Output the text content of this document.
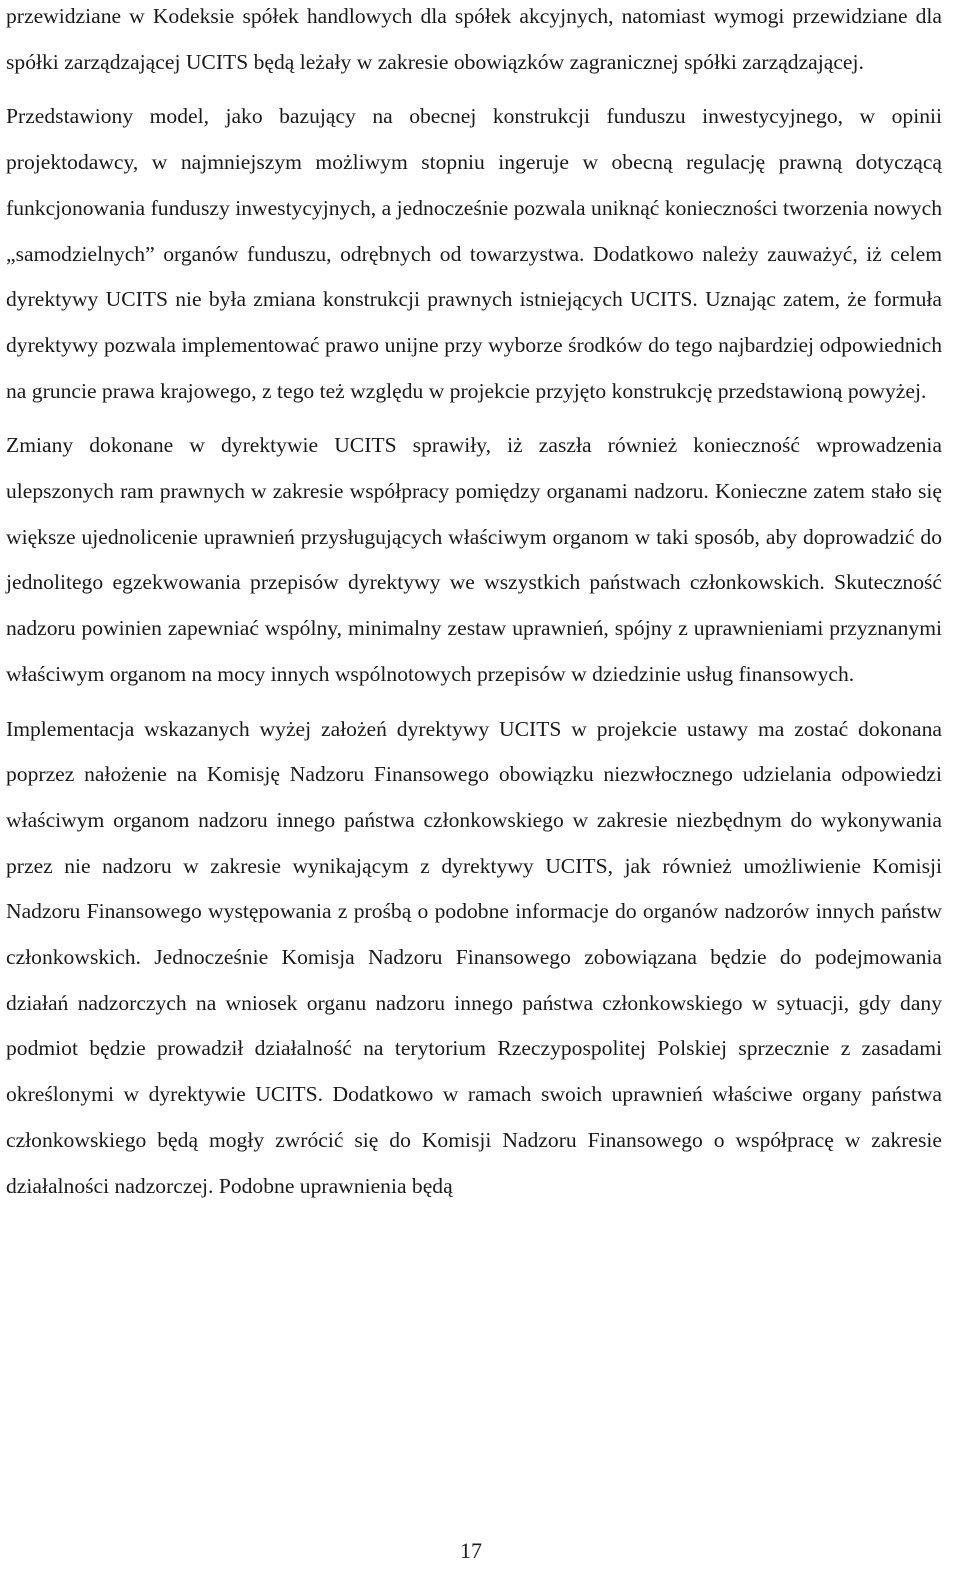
przewidziane w Kodeksie spółek handlowych dla spółek akcyjnych, natomiast wymogi przewidziane dla spółki zarządzającej UCITS będą leżały w zakresie obowiązków zagranicznej spółki zarządzającej.

Przedstawiony model, jako bazujący na obecnej konstrukcji funduszu inwestycyjnego, w opinii projektodawcy, w najmniejszym możliwym stopniu ingeruje w obecną regulację prawną dotyczącą funkcjonowania funduszy inwestycyjnych, a jednocześnie pozwala uniknąć konieczności tworzenia nowych „samodzielnych” organów funduszu, odrębnych od towarzystwa. Dodatkowo należy zauważyć, iż celem dyrektywy UCITS nie była zmiana konstrukcji prawnych istniejących UCITS. Uznając zatem, że formuła dyrektywy pozwala implementować prawo unijne przy wyborze środków do tego najbardziej odpowiednich na gruncie prawa krajowego, z tego też względu w projekcie przyjęto konstrukcję przedstawioną powyżej.

Zmiany dokonane w dyrektywie UCITS sprawiły, iż zaszła również konieczność wprowadzenia ulepszonych ram prawnych w zakresie współpracy pomiędzy organami nadzoru. Konieczne zatem stało się większe ujednolicenie uprawnień przysługujących właściwym organom w taki sposób, aby doprowadzić do jednolitego egzekwowania przepisów dyrektywy we wszystkich państwach członkowskich. Skuteczność nadzoru powinien zapewniać wspólny, minimalny zestaw uprawnień, spójny z uprawnieniami przyznanymi właściwym organom na mocy innych wspólnotowych przepisów w dziedzinie usług finansowych.

Implementacja wskazanych wyżej założeń dyrektywy UCITS w projekcie ustawy ma zostać dokonana poprzez nałożenie na Komisję Nadzoru Finansowego obowiązku niezwłocznego udzielania odpowiedzi właściwym organom nadzoru innego państwa członkowskiego w zakresie niezbędnym do wykonywania przez nie nadzoru w zakresie wynikającym z dyrektywy UCITS, jak również umożliwienie Komisji Nadzoru Finansowego występowania z prośbą o podobne informacje do organów nadzorów innych państw członkowskich. Jednocześnie Komisja Nadzoru Finansowego zobowiązana będzie do podejmowania działań nadzorczych na wniosek organu nadzoru innego państwa członkowskiego w sytuacji, gdy dany podmiot będzie prowadził działalność na terytorium Rzeczypospolitej Polskiej sprzecznie z zasadami określonymi w dyrektywie UCITS. Dodatkowo w ramach swoich uprawnień właściwe organy państwa członkowskiego będą mogły zwrócić się do Komisji Nadzoru Finansowego o współpracę w zakresie działalności nadzorczej. Podobne uprawnienia będą

17
